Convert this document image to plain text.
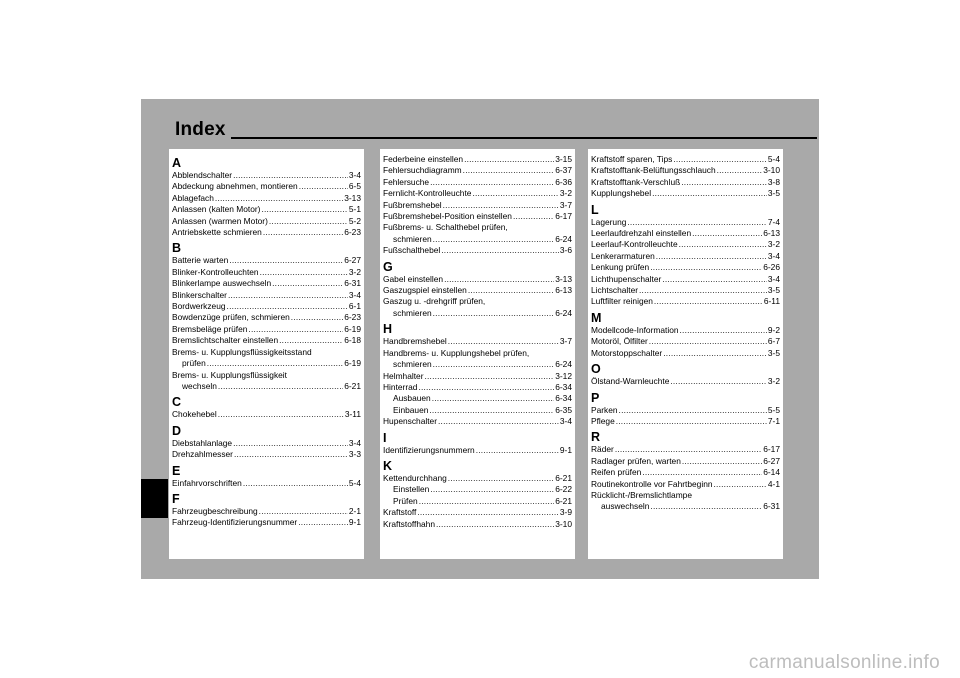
Index
A
Abblendschalter .....	3-4
Abdeckung abnehmen, montieren .....	6-5
Ablagefach .....	3-13
Anlassen (kalten Motor) .....	5-1
Anlassen (warmen Motor) .....	5-2
Antriebskette schmieren .....	6-23
B
Batterie warten .....	6-27
Blinker-Kontrolleuchten .....	3-2
Blinkerlampe auswechseln .....	6-31
Blinkerschalter .....	3-4
Bordwerkzeug .....	6-1
Bowdenzüge prüfen, schmieren .....	6-23
Bremsbeläge prüfen .....	6-19
Bremslichtschalter einstellen .....	6-18
Brems- u. Kupplungsflüssigkeitsstand
prüfen .....	6-19
Brems- u. Kupplungsflüssigkeit
wechseln .....	6-21
C
Chokehebel .....	3-11
D
Diebstahlanlage .....	3-4
Drehzahlmesser .....	3-3
E
Einfahrvorschriften .....	5-4
F
Fahrzeugbeschreibung .....	2-1
Fahrzeug-Identifizierungsnummer .....	9-1
Federbeine einstellen .....	3-15
Fehlersuchdiagramm .....	6-37
Fehlersuche .....	6-36
Fernlicht-Kontrolleuchte .....	3-2
Fußbremshebel .....	3-7
Fußbremshebel-Position einstellen .....	6-17
Fußbrems- u. Schalthebel prüfen,
schmieren .....	6-24
Fußschalthebel .....	3-6
G
Gabel einstellen .....	3-13
Gaszugspiel einstellen .....	6-13
Gaszug u. -drehgriff prüfen,
schmieren .....	6-24
H
Handbremshebel .....	3-7
Handbrems- u. Kupplungshebel prüfen,
schmieren .....	6-24
Helmhalter .....	3-12
Hinterrad .....	6-34
Ausbauen .....	6-34
Einbauen .....	6-35
Hupenschalter .....	3-4
I
Identifizierungsnummern .....	9-1
K
Kettendurchhang .....	6-21
Einstellen .....	6-22
Prüfen .....	6-21
Kraftstoff .....	3-9
Kraftstoffhahn .....	3-10
Kraftstoff sparen, Tips .....	5-4
Kraftstofftank-Belüftungsschlauch .....	3-10
Kraftstofftank-Verschluß .....	3-8
Kupplungshebel .....	3-5
L
Lagerung .....	7-4
Leerlaufdrehzahl einstellen .....	6-13
Leerlauf-Kontrolleuchte .....	3-2
Lenkerarmaturen .....	3-4
Lenkung prüfen .....	6-26
Lichthupenschalter .....	3-4
Lichtschalter .....	3-5
Luftfilter reinigen .....	6-11
M
Modellcode-Information .....	9-2
Motoröl, Ölfilter .....	6-7
Motorstoppschalter .....	3-5
O
Ölstand-Warnleuchte .....	3-2
P
Parken .....	5-5
Pflege .....	7-1
R
Räder .....	6-17
Radlager prüfen, warten .....	6-27
Reifen prüfen .....	6-14
Routinekontrolle vor Fahrtbeginn .....	4-1
Rücklicht-/Bremslichtlampe
auswechseln .....	6-31
carmanualsonline.info
